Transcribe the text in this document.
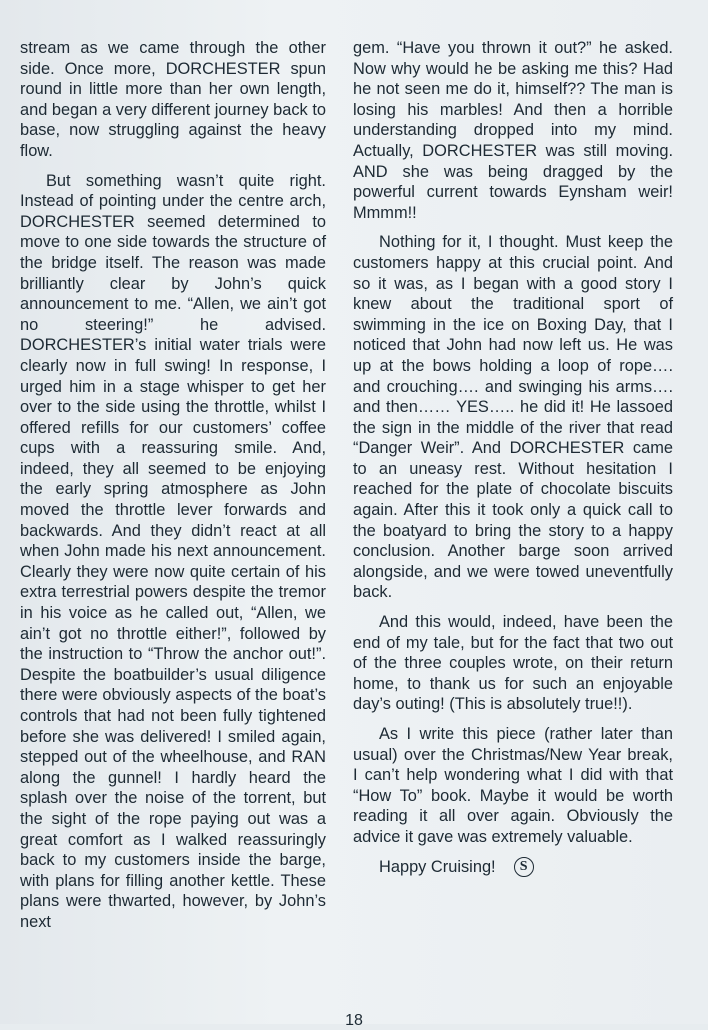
stream as we came through the other side. Once more, DORCHESTER spun round in little more than her own length, and began a very different journey back to base, now struggling against the heavy flow.

But something wasn’t quite right. Instead of pointing under the centre arch, DORCHESTER seemed determined to move to one side towards the structure of the bridge itself. The reason was made brilliantly clear by John’s quick announcement to me. “Allen, we ain’t got no steering!” he advised. DORCHESTER’s initial water trials were clearly now in full swing! In response, I urged him in a stage whisper to get her over to the side using the throttle, whilst I offered refills for our customers’ coffee cups with a reassuring smile. And, indeed, they all seemed to be enjoying the early spring atmosphere as John moved the throttle lever forwards and backwards. And they didn’t react at all when John made his next announcement. Clearly they were now quite certain of his extra terrestrial powers despite the tremor in his voice as he called out, “Allen, we ain’t got no throttle either!”, followed by the instruction to “Throw the anchor out!”. Despite the boatbuilder’s usual diligence there were obviously aspects of the boat’s controls that had not been fully tightened before she was delivered! I smiled again, stepped out of the wheelhouse, and RAN along the gunnel! I hardly heard the splash over the noise of the torrent, but the sight of the rope paying out was a great comfort as I walked reassuringly back to my customers inside the barge, with plans for filling another kettle. These plans were thwarted, however, by John’s next

gem. “Have you thrown it out?” he asked. Now why would he be asking me this? Had he not seen me do it, himself?? The man is losing his marbles! And then a horrible understanding dropped into my mind. Actually, DORCHESTER was still moving. AND she was being dragged by the powerful current towards Eynsham weir! Mmmm!!

Nothing for it, I thought. Must keep the customers happy at this crucial point. And so it was, as I began with a good story I knew about the traditional sport of swimming in the ice on Boxing Day, that I noticed that John had now left us. He was up at the bows holding a loop of rope…. and crouching…. and swinging his arms…. and then…… YES….. he did it! He lassoed the sign in the middle of the river that read “Danger Weir”. And DORCHESTER came to an uneasy rest. Without hesitation I reached for the plate of chocolate biscuits again. After this it took only a quick call to the boatyard to bring the story to a happy conclusion. Another barge soon arrived alongside, and we were towed uneventfully back.

And this would, indeed, have been the end of my tale, but for the fact that two out of the three couples wrote, on their return home, to thank us for such an enjoyable day’s outing! (This is absolutely true!!).

As I write this piece (rather later than usual) over the Christmas/New Year break, I can’t help wondering what I did with that “How To” book. Maybe it would be worth reading it all over again. Obviously the advice it gave was extremely valuable.

Happy Cruising!	S
18
